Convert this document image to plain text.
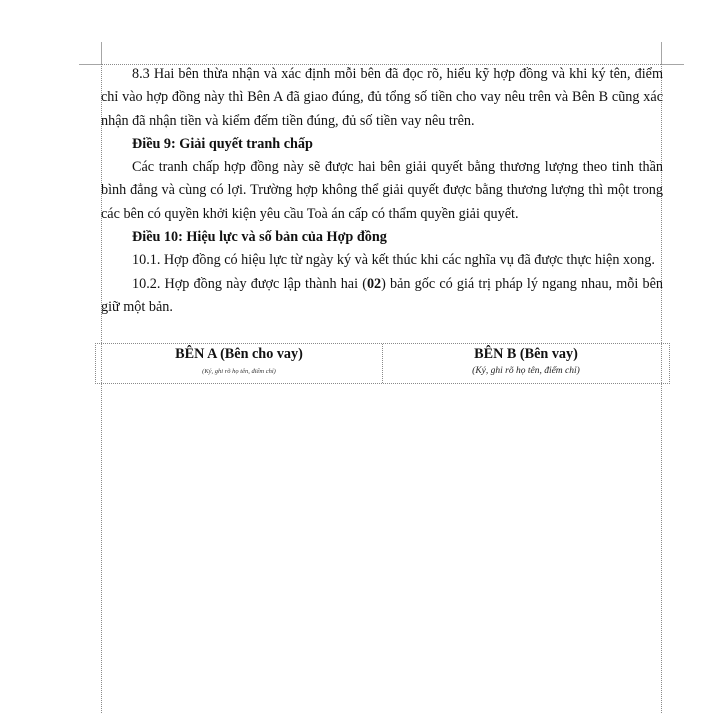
8.3 Hai bên thừa nhận và xác định mỗi bên đã đọc rõ, hiểu kỹ hợp đồng và khi ký tên, điểm chỉ vào hợp đồng này thì Bên A đã giao đúng, đủ tổng số tiền cho vay nêu trên và Bên B cũng xác nhận đã nhận tiền và kiểm đếm tiền đúng, đủ số tiền vay nêu trên.

Điều 9: Giải quyết tranh chấp

Các tranh chấp hợp đồng này sẽ được hai bên giải quyết bằng thương lượng theo tinh thần bình đẳng và cùng có lợi. Trường hợp không thể giải quyết được bằng thương lượng thì một trong các bên có quyền khởi kiện yêu cầu Toà án cấp có thẩm quyền giải quyết.

Điều 10: Hiệu lực và số bản của Hợp đồng

10.1. Hợp đồng có hiệu lực từ ngày ký và kết thúc khi các nghĩa vụ đã được thực hiện xong.

10.2. Hợp đồng này được lập thành hai (02) bản gốc có giá trị pháp lý ngang nhau, mỗi bên giữ một bản.

BÊN A (Bên cho vay)
(Ký, ghi rõ họ tên, điểm chỉ)
BÊN B (Bên vay)
(Ký, ghi rõ họ tên, điểm chỉ)
